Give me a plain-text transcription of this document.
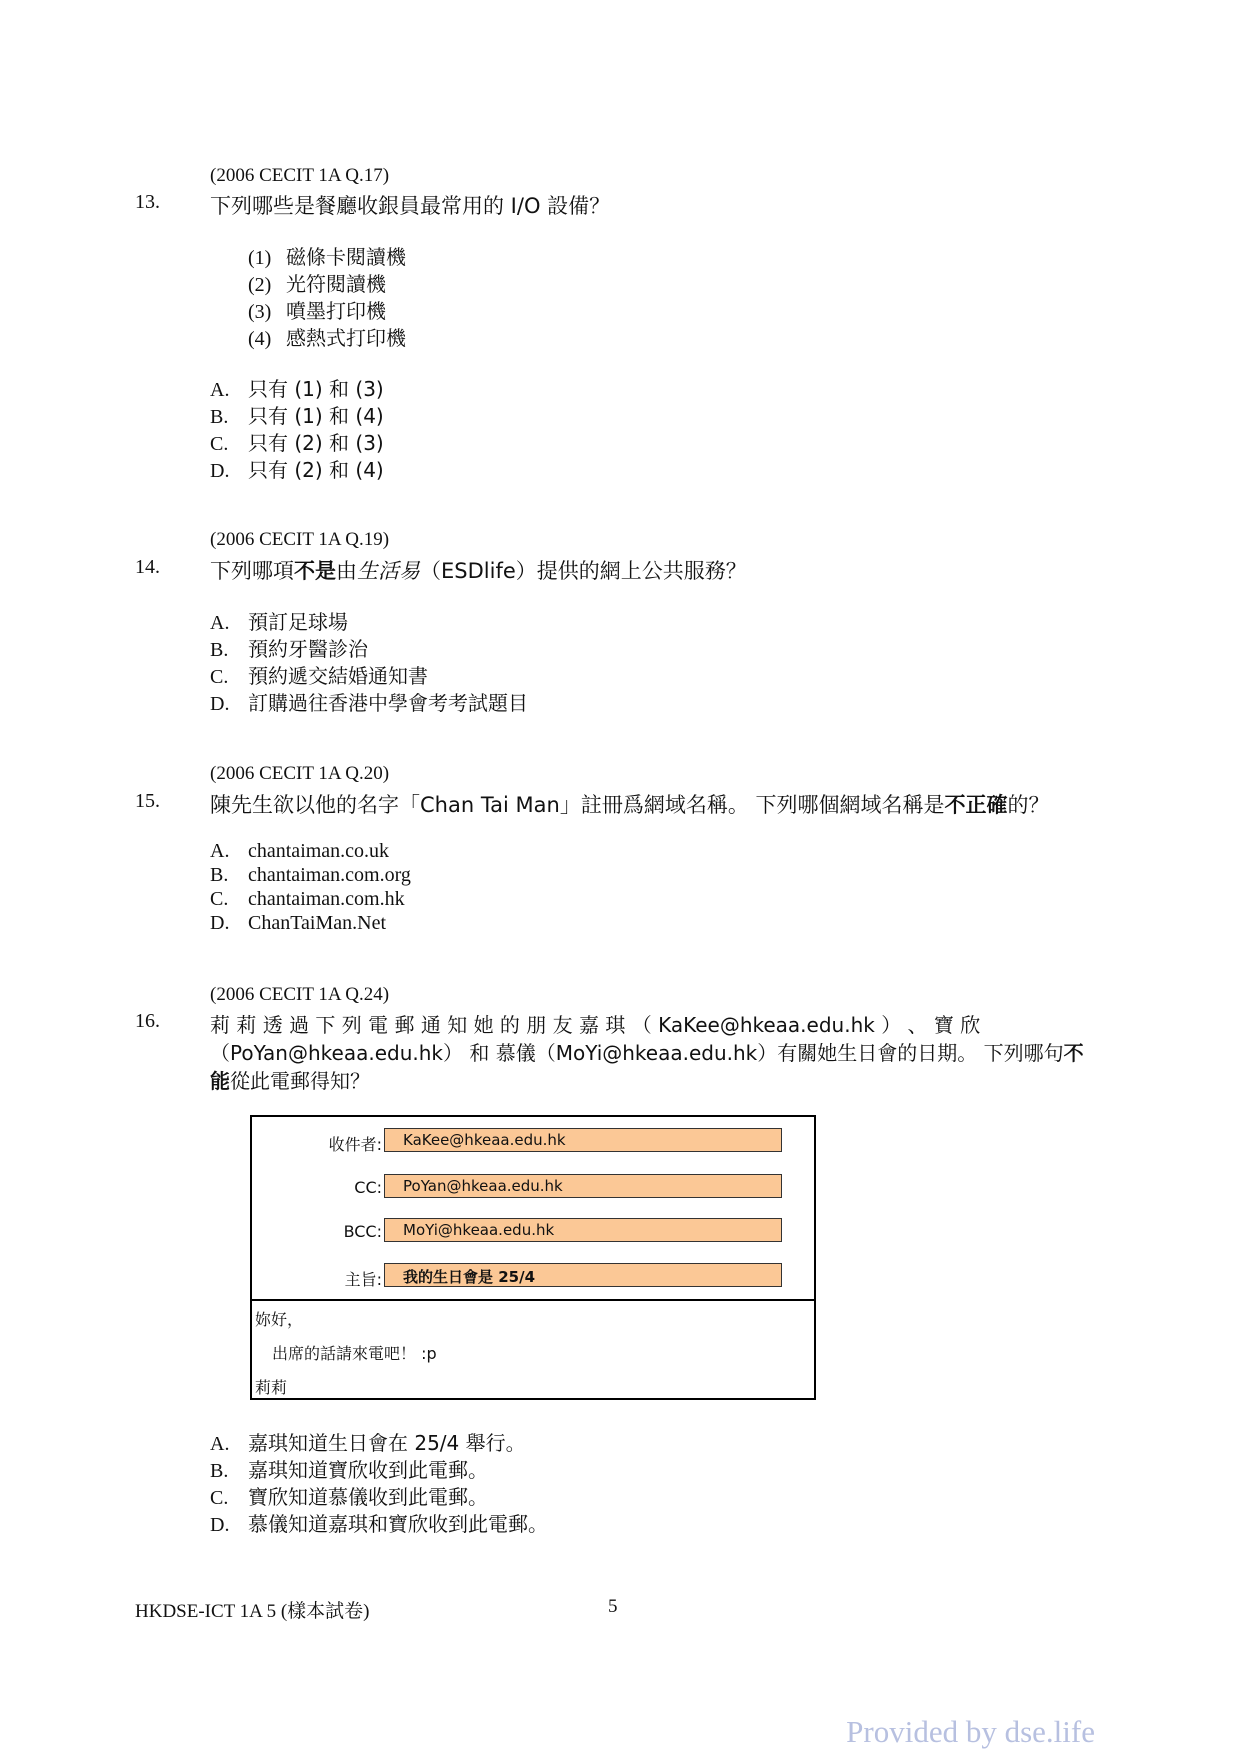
(2006 CECIT 1A Q.17)
13. 下列哪些是餐廳收銀員最常用的 I/O 設備？
(1) 磁條卡閱讀機
(2) 光符閱讀機
(3) 噴墨打印機
(4) 感熱式打印機
A. 只有 (1) 和 (3)
B. 只有 (1) 和 (4)
C. 只有 (2) 和 (3)
D. 只有 (2) 和 (4)
(2006 CECIT 1A Q.19)
14. 下列哪項不是由生活易（ESDlife）提供的網上公共服務？
A. 預訂足球場
B. 預約牙醫診治
C. 預約遞交結婚通知書
D. 訂購過往香港中學會考考試題目
(2006 CECIT 1A Q.20)
15. 陳先生欲以他的名字「Chan Tai Man」註冊爲網域名稱。 下列哪個網域名稱是不正確的？
A. chantaiman.co.uk
B. chantaiman.com.org
C. chantaiman.com.hk
D. ChanTaiMan.Net
(2006 CECIT 1A Q.24)
16.	莉 莉 透 過 下 列 電 郵 通 知 她 的 朋 友 嘉 琪 （ KaKee@hkeaa.edu.hk ） 、 寶 欣
（PoYan@hkeaa.edu.hk） 和 慕儀（MoYi@hkeaa.edu.hk）有關她生日會的日期。 下列哪句不
能從此電郵得知？
收件者:	KaKee@hkeaa.edu.hk
CC:	PoYan@hkeaa.edu.hk
BCC:	MoYi@hkeaa.edu.hk
主旨:	我的生日會是 25/4
妳好，
出席的話請來電吧！ :p
莉莉
A. 嘉琪知道生日會在 25/4 舉行。
B. 嘉琪知道寶欣收到此電郵。
C. 寶欣知道慕儀收到此電郵。
D. 慕儀知道嘉琪和寶欣收到此電郵。
HKDSE-ICT 1A 5 (樣本試卷)	5
Provided by dse.life
